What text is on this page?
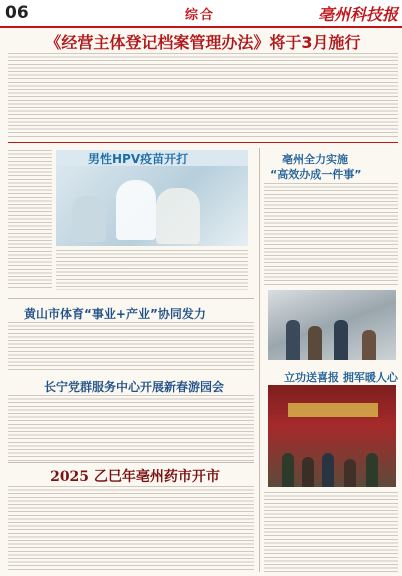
06	综合	亳州科技报
《经营主体登记档案管理办法》将于3月施行
男性HPV疫苗开打	亳州全力实施
“高效办成一件事”
黄山市体育“事业+产业”协同发力
长宁党群服务中心开展新春游园会
立功送喜报 拥军暖人心
2025 乙巳年亳州药市开市
